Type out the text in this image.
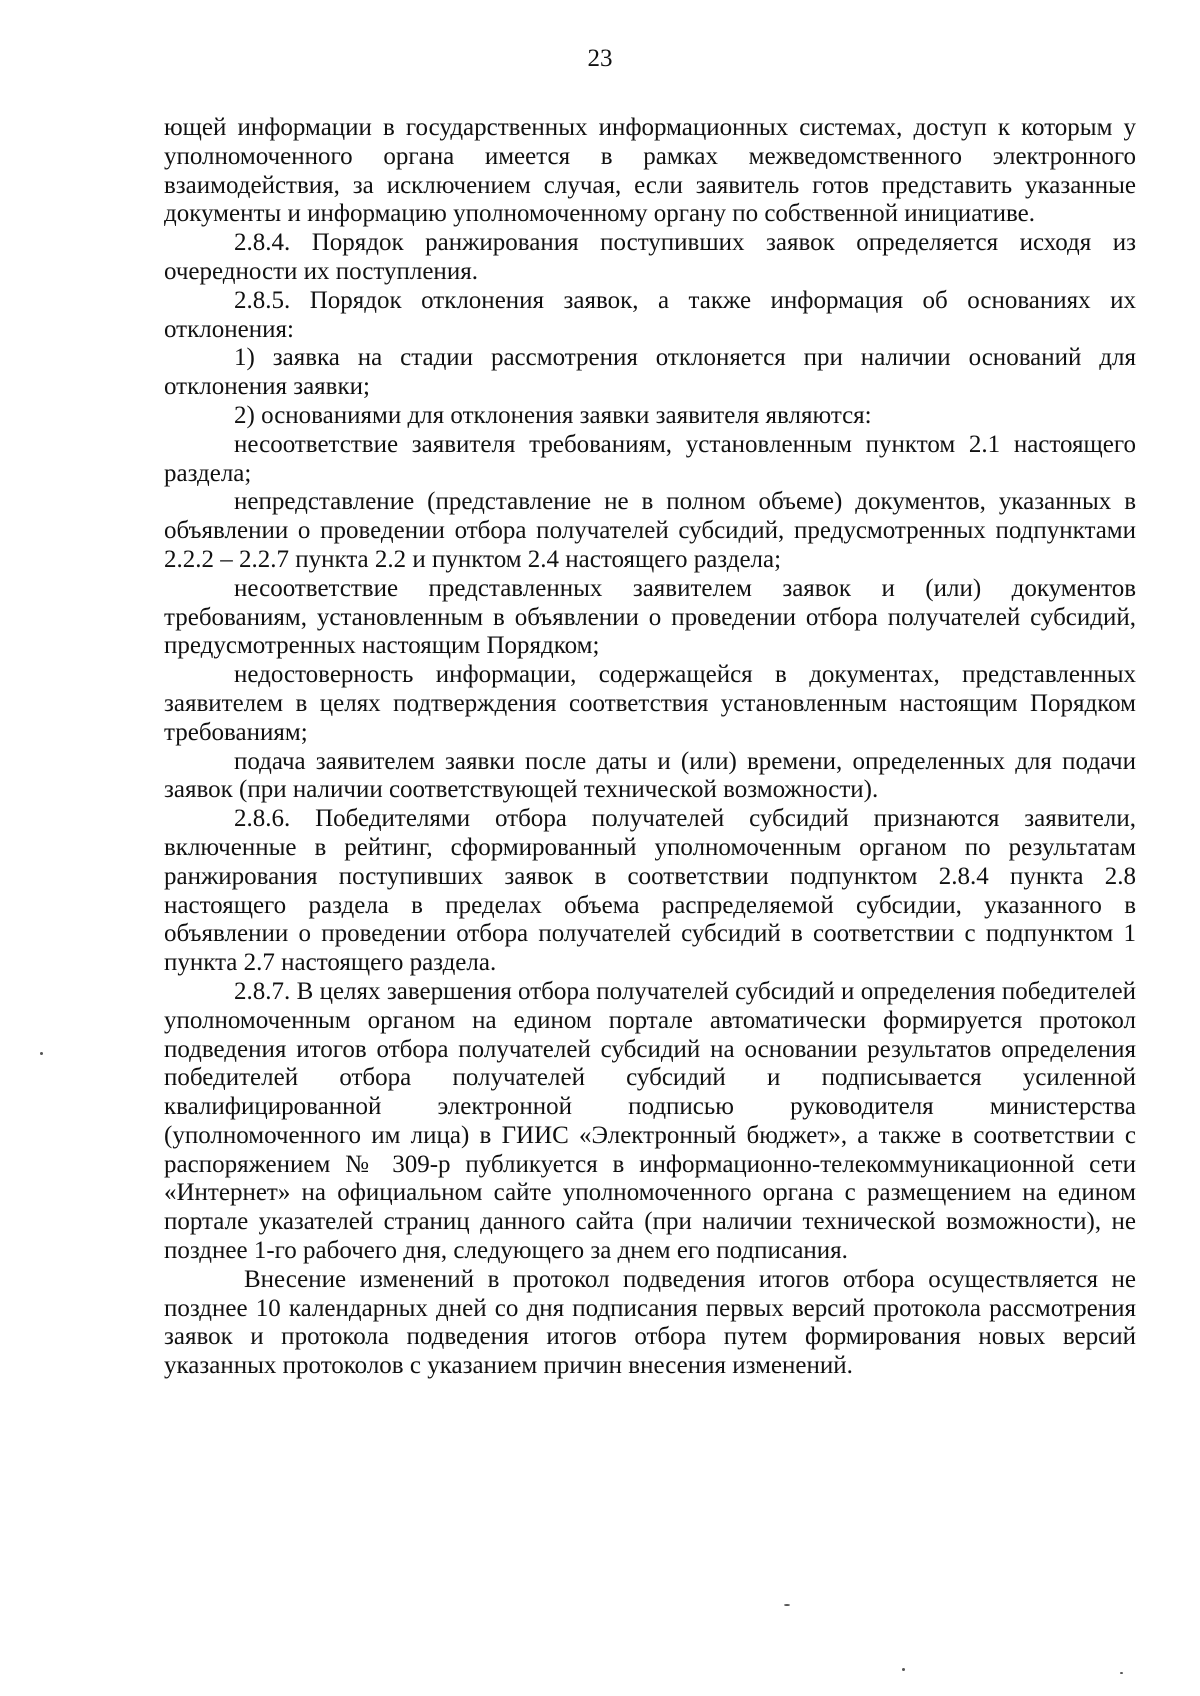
23

ющей информации в государственных информационных системах, доступ к которым у уполномоченного органа имеется в рамках межведомственного электронного взаимодействия, за исключением случая, если заявитель готов представить указанные документы и информацию уполномоченному органу по собственной инициативе.

2.8.4. Порядок ранжирования поступивших заявок определяется исходя из очередности их поступления.

2.8.5. Порядок отклонения заявок, а также информация об основаниях их отклонения:

1) заявка на стадии рассмотрения отклоняется при наличии оснований для отклонения заявки;

2) основаниями для отклонения заявки заявителя являются:

несоответствие заявителя требованиям, установленным пунктом 2.1 настоящего раздела;

непредставление (представление не в полном объеме) документов, указанных в объявлении о проведении отбора получателей субсидий, предусмотренных подпунктами 2.2.2 – 2.2.7 пункта 2.2 и пунктом 2.4 настоящего раздела;

несоответствие представленных заявителем заявок и (или) документов требованиям, установленным в объявлении о проведении отбора получателей субсидий, предусмотренных настоящим Порядком;

недостоверность информации, содержащейся в документах, представленных заявителем в целях подтверждения соответствия установленным настоящим Порядком требованиям;

подача заявителем заявки после даты и (или) времени, определенных для подачи заявок (при наличии соответствующей технической возможности).

2.8.6. Победителями отбора получателей субсидий признаются заявители, включенные в рейтинг, сформированный уполномоченным органом по результатам ранжирования поступивших заявок в соответствии подпунктом 2.8.4 пункта 2.8 настоящего раздела в пределах объема распределяемой субсидии, указанного в объявлении о проведении отбора получателей субсидий в соответствии с подпунктом 1 пункта 2.7 настоящего раздела.

2.8.7. В целях завершения отбора получателей субсидий и определения победителей уполномоченным органом на едином портале автоматически формируется протокол подведения итогов отбора получателей субсидий на основании результатов определения победителей отбора получателей субсидий и подписывается усиленной квалифицированной электронной подписью руководителя министерства (уполномоченного им лица) в ГИИС «Электронный бюджет», а также в соответствии с распоряжением № 309-р публикуется в информационно-телекоммуникационной сети «Интернет» на официальном сайте уполномоченного органа с размещением на едином портале указателей страниц данного сайта (при наличии технической возможности), не позднее 1-го рабочего дня, следующего за днем его подписания.

Внесение изменений в протокол подведения итогов отбора осуществляется не позднее 10 календарных дней со дня подписания первых версий протокола рассмотрения заявок и протокола подведения итогов отбора путем формирования новых версий указанных протоколов с указанием причин внесения изменений.
